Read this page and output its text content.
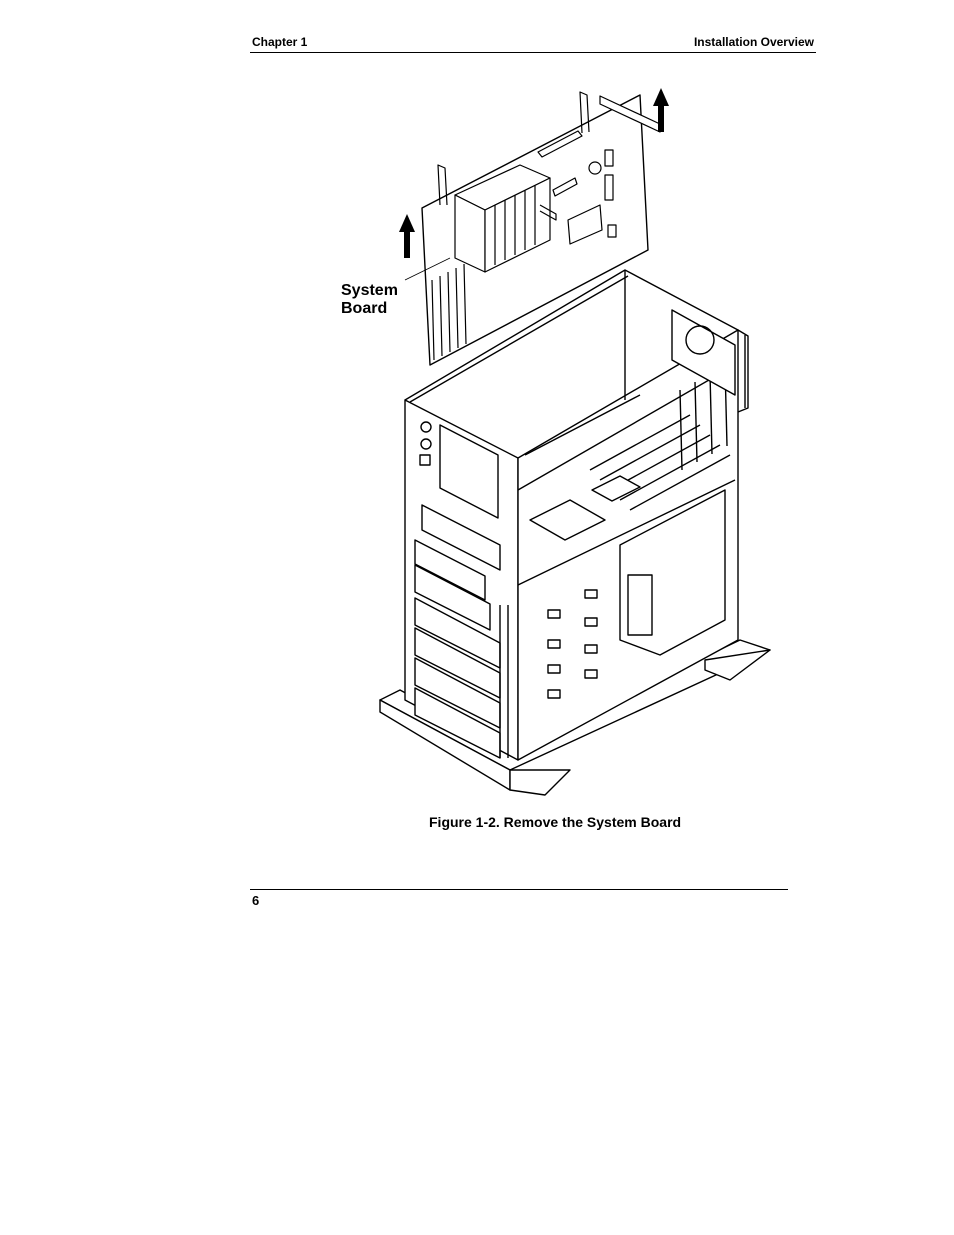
Chapter 1	Installation Overview
System
Board
Figure 1-2. Remove the System Board
6
